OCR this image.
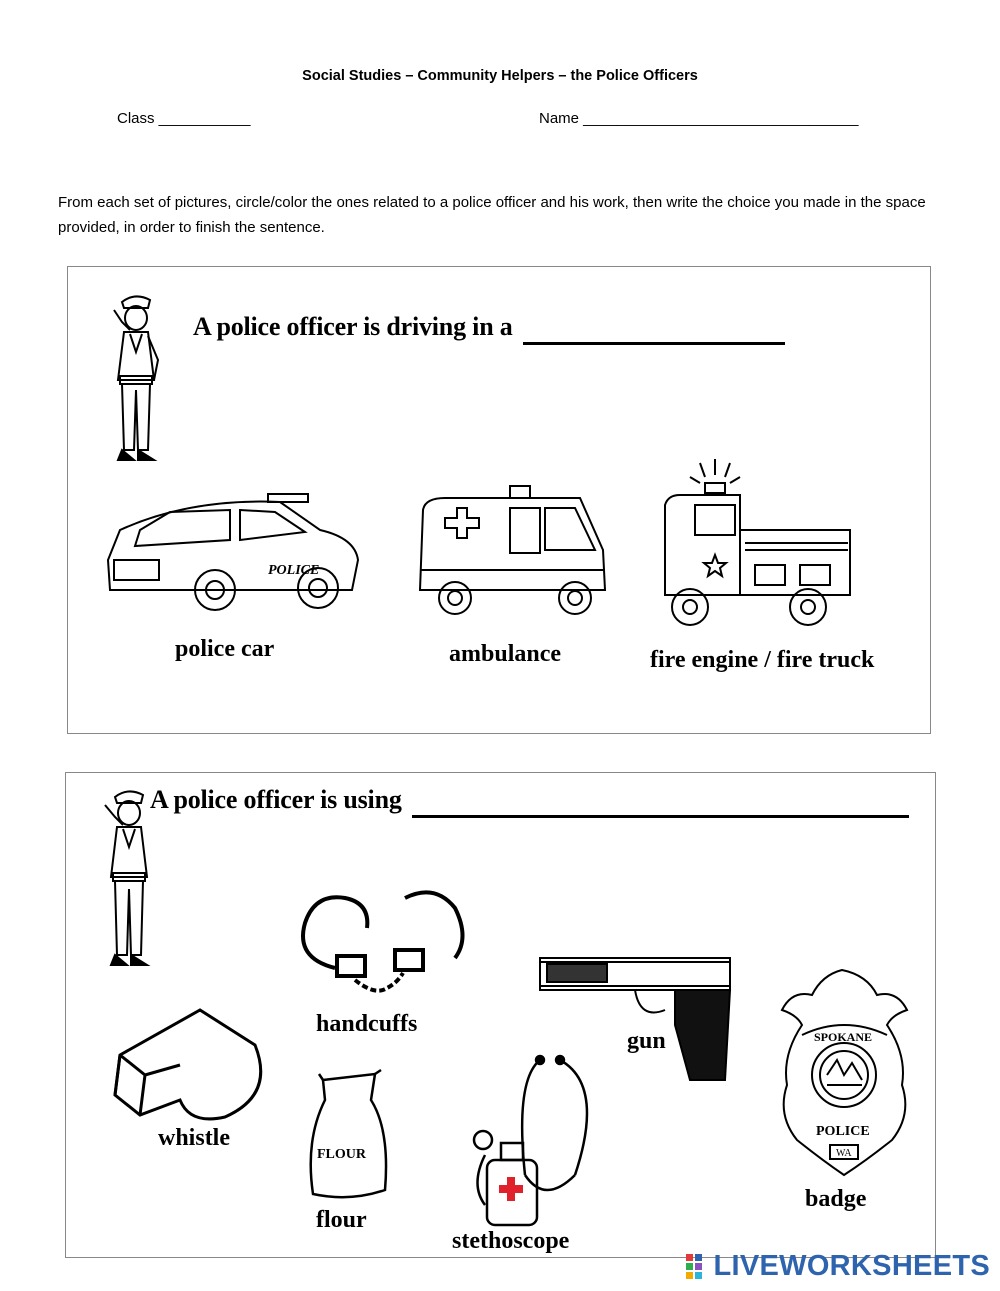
Social Studies – Community Helpers – the Police Officers
Class ___________	Name _________________________________
From each set of pictures, circle/color the ones related to a police officer and his work, then write the choice you made in the space provided, in order to finish the sentence.
A police officer is driving in a
POLICE
police car	ambulance	fire engine / fire truck
A police officer is using
handcuffs
gun
whistle
FLOUR
flour
stethoscope
SPOKANE
POLICE
WA
badge
LIVEWORKSHEETS
